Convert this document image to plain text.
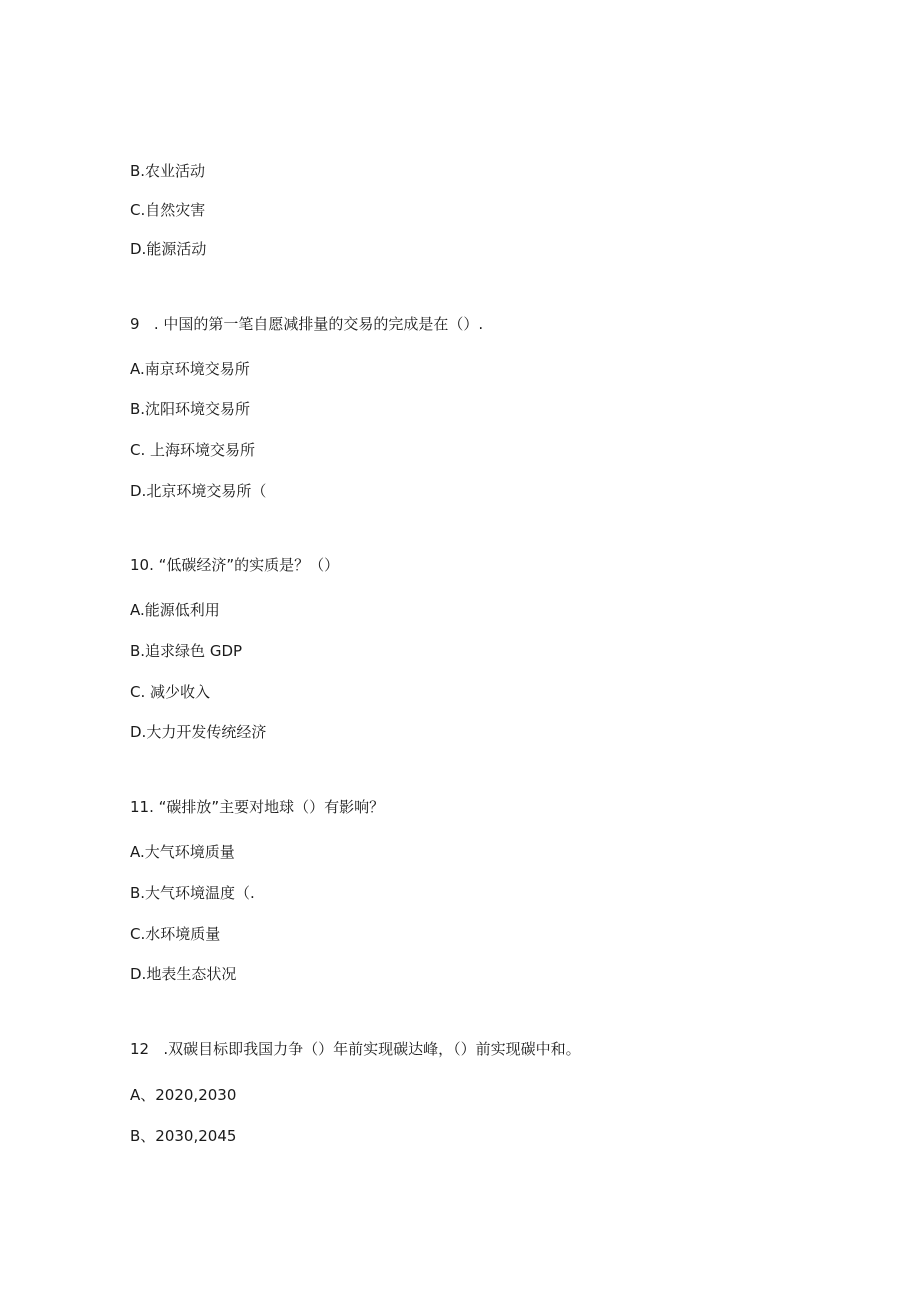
B.农业活动

C.自然灾害

D.能源活动

9   . 中国的第一笔自愿减排量的交易的完成是在（）.

A.南京环境交易所

B.沈阳环境交易所

C. 上海环境交易所

D.北京环境交易所（

10. “低碳经济”的实质是？（）

A.能源低利用

B.追求绿色 GDP

C. 减少收入

D.大力开发传统经济

11. “碳排放”主要对地球（）有影响？

A.大气环境质量

B.大气环境温度（.

C.水环境质量

D.地表生态状况

12   .双碳目标即我国力争（）年前实现碳达峰，（）前实现碳中和。

A、2020,2030

B、2030,2045
